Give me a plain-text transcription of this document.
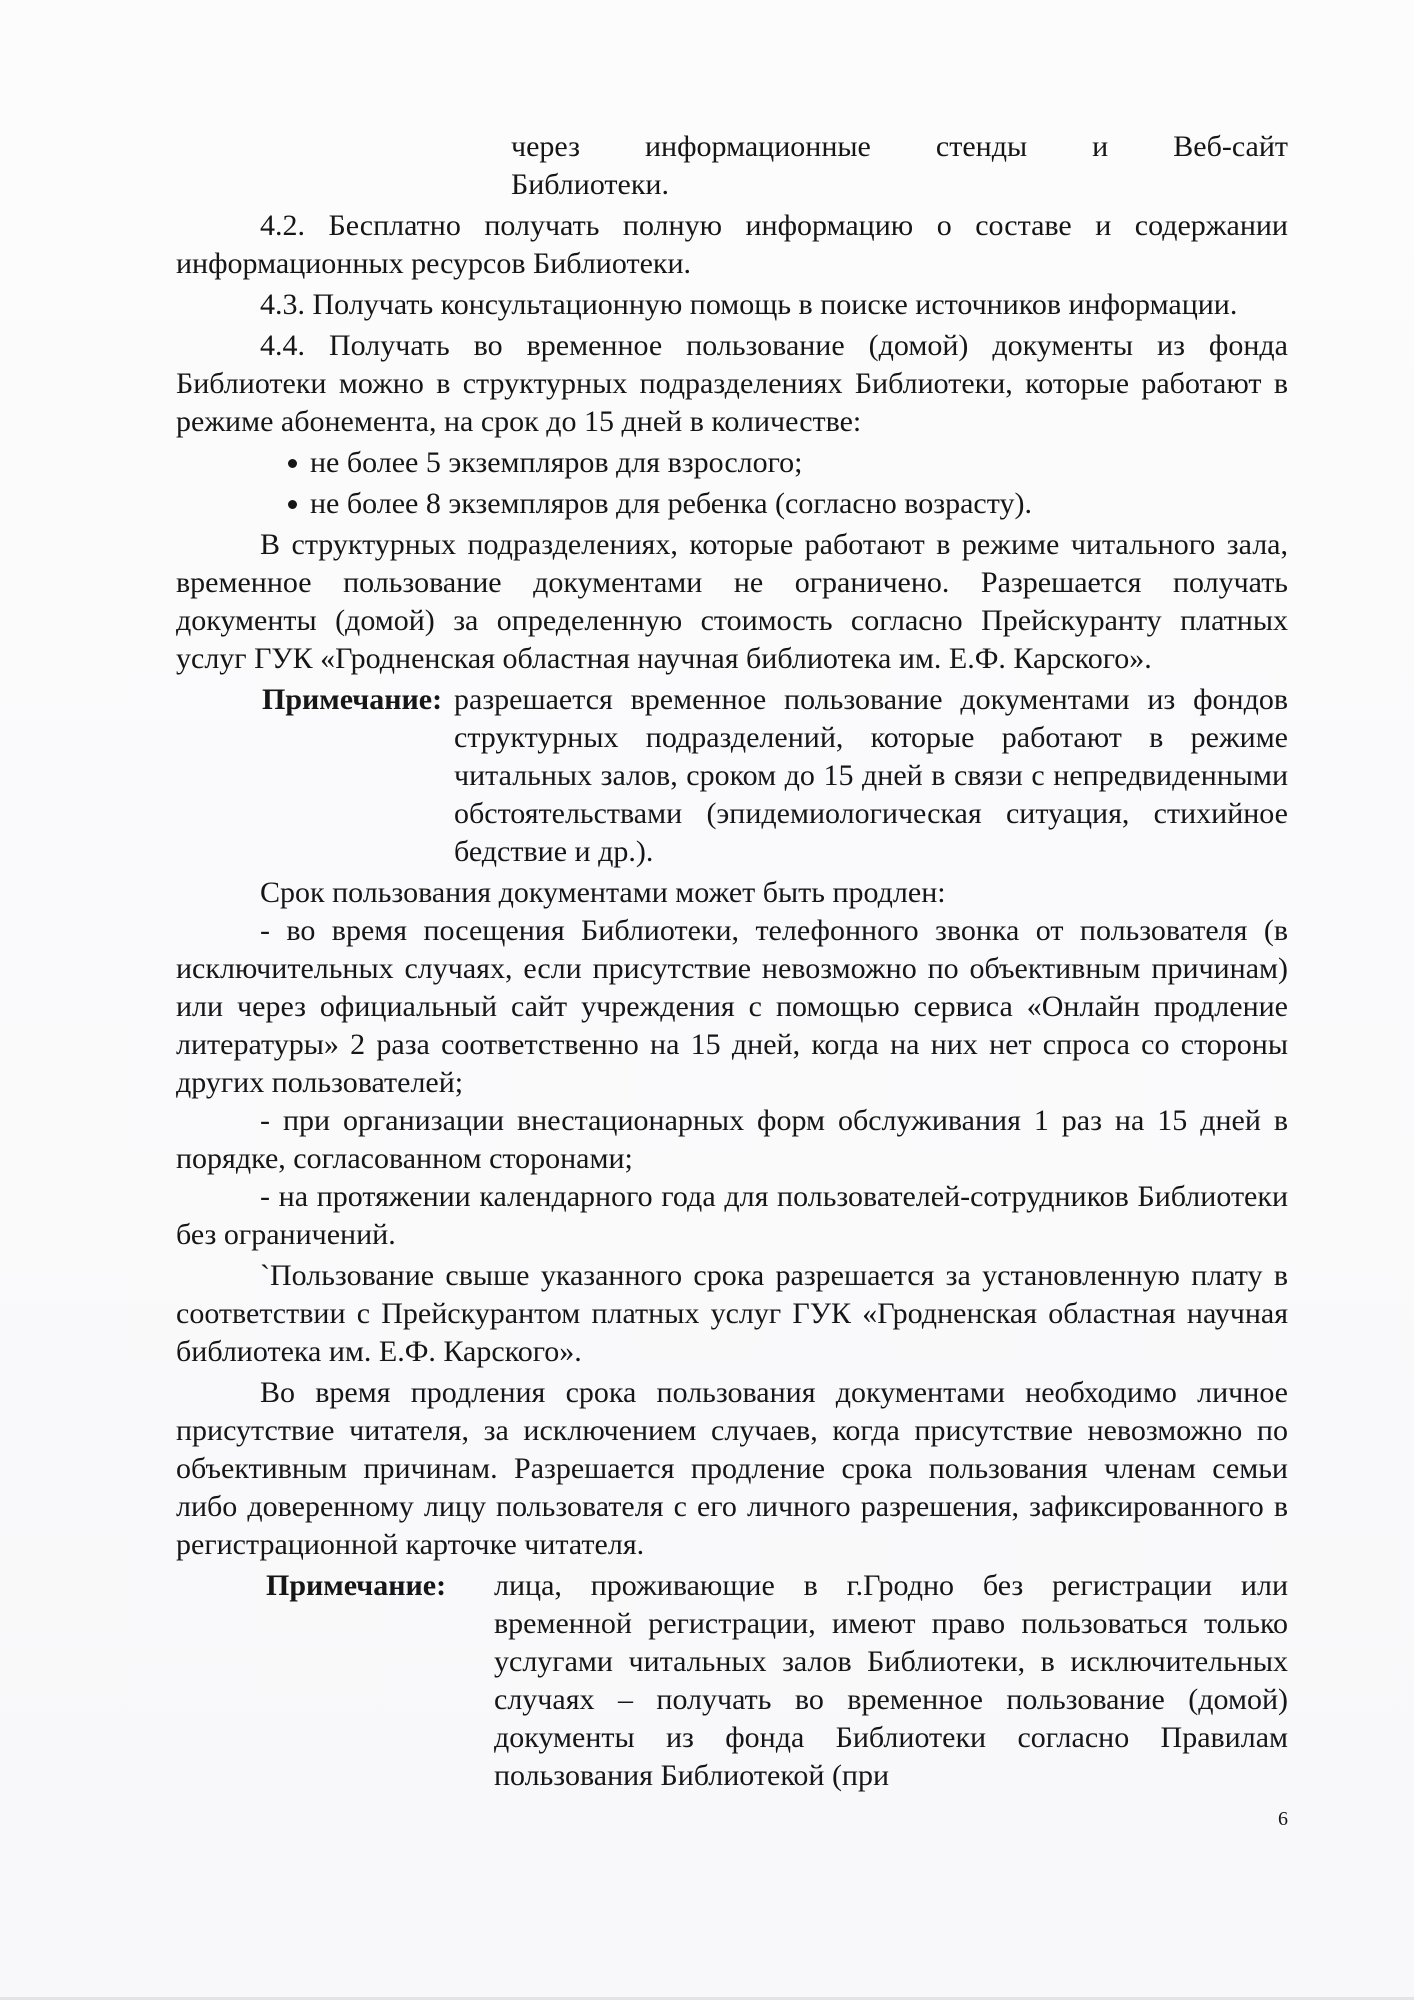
через информационные стенды и Веб-сайт

Библиотеки.

4.2. Бесплатно получать полную информацию о составе и содержании информационных ресурсов Библиотеки.

4.3. Получать консультационную помощь в поиске источников информации.

4.4. Получать во временное пользование (домой) документы из фонда Библиотеки можно в структурных подразделениях Библиотеки, которые работают в режиме абонемента, на срок до 15 дней в количестве:

не более 5 экземпляров для взрослого;
не более 8 экземпляров для ребенка (согласно возрасту).

В структурных подразделениях, которые работают в режиме читального зала, временное пользование документами не ограничено. Разрешается получать документы (домой) за определенную стоимость согласно Прейскуранту платных услуг ГУК «Гродненская областная научная библиотека им. Е.Ф. Карского».

Примечание: разрешается временное пользование документами из фондов структурных подразделений, которые работают в режиме читальных залов, сроком до 15 дней в связи с непредвиденными обстоятельствами (эпидемиологическая ситуация, стихийное бедствие и др.).

Срок пользования документами может быть продлен:

- во время посещения Библиотеки, телефонного звонка от пользователя (в исключительных случаях, если присутствие невозможно по объективным причинам) или через официальный сайт учреждения с помощью сервиса «Онлайн продление литературы» 2 раза соответственно на 15 дней, когда на них нет спроса со стороны других пользователей;

- при организации внестационарных форм обслуживания 1 раз на 15 дней в порядке, согласованном сторонами;

- на протяжении календарного года для пользователей-сотрудников Библиотеки без ограничений.

`Пользование свыше указанного срока разрешается за установленную плату в соответствии с Прейскурантом платных услуг ГУК «Гродненская областная научная библиотека им. Е.Ф. Карского».

Во время продления срока пользования документами необходимо личное присутствие читателя, за исключением случаев, когда присутствие невозможно по объективным причинам. Разрешается продление срока пользования членам семьи либо доверенному лицу пользователя с его личного разрешения, зафиксированного в регистрационной карточке читателя.

Примечание:	лица, проживающие в г.Гродно без регистрации или временной регистрации, имеют право пользоваться только услугами читальных залов Библиотеки, в исключительных случаях – получать во временное пользование (домой) документы из фонда Библиотеки согласно Правилам пользования Библиотекой (при
6
